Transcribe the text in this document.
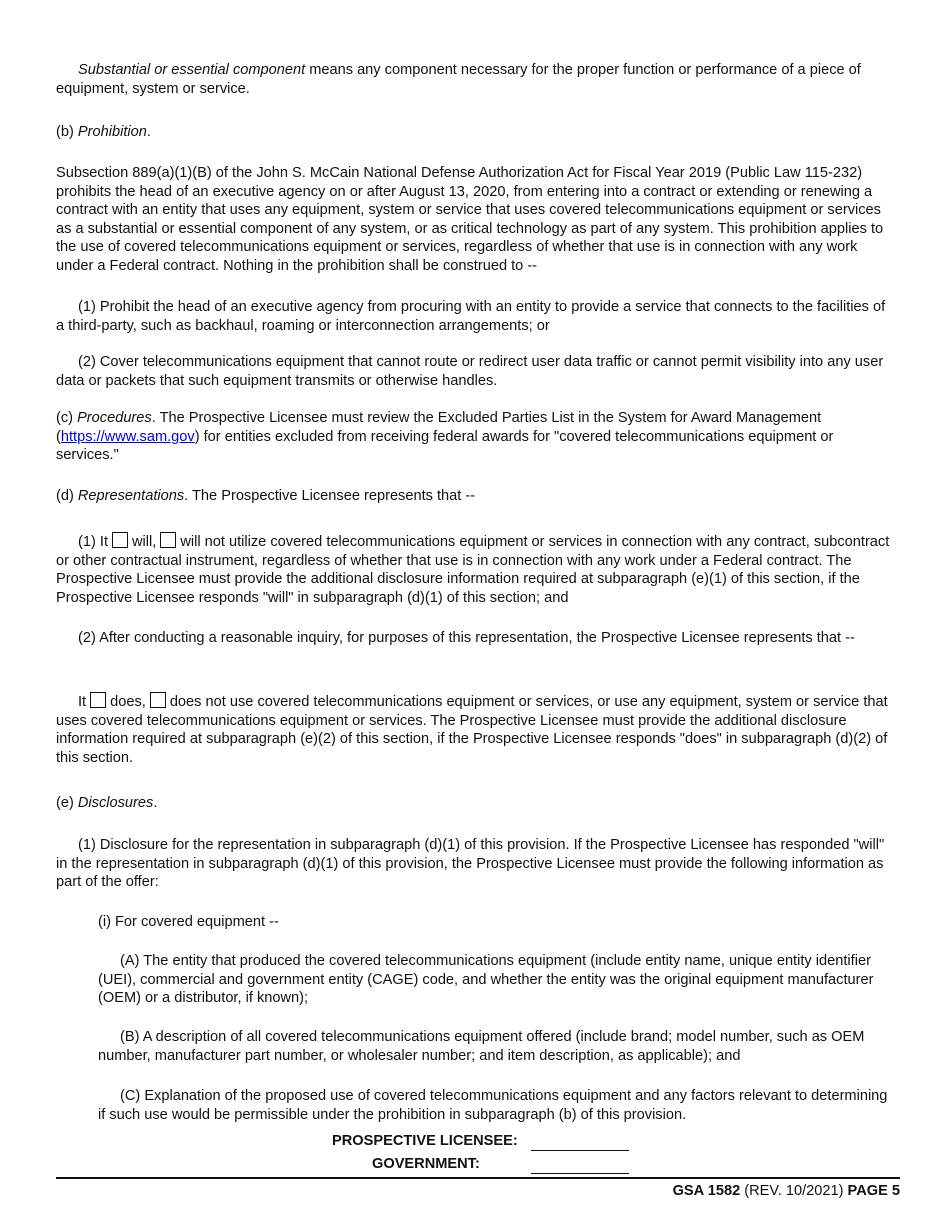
Substantial or essential component means any component necessary for the proper function or performance of a piece of equipment, system or service.

(b) Prohibition.

Subsection 889(a)(1)(B) of the John S. McCain National Defense Authorization Act for Fiscal Year 2019 (Public Law 115-232) prohibits the head of an executive agency on or after August 13, 2020, from entering into a contract or extending or renewing a contract with an entity that uses any equipment, system or service that uses covered telecommunications equipment or services as a substantial or essential component of any system, or as critical technology as part of any system. This prohibition applies to the use of covered telecommunications equipment or services, regardless of whether that use is in connection with any work under a Federal contract. Nothing in the prohibition shall be construed to --

(1) Prohibit the head of an executive agency from procuring with an entity to provide a service that connects to the facilities of a third-party, such as backhaul, roaming or interconnection arrangements; or

(2) Cover telecommunications equipment that cannot route or redirect user data traffic or cannot permit visibility into any user data or packets that such equipment transmits or otherwise handles.

(c) Procedures. The Prospective Licensee must review the Excluded Parties List in the System for Award Management (https://www.sam.gov) for entities excluded from receiving federal awards for "covered telecommunications equipment or services."

(d) Representations. The Prospective Licensee represents that --

(1) It will, will not utilize covered telecommunications equipment or services in connection with any contract, subcontract or other contractual instrument, regardless of whether that use is in connection with any work under a Federal contract. The Prospective Licensee must provide the additional disclosure information required at subparagraph (e)(1) of this section, if the Prospective Licensee responds "will" in subparagraph (d)(1) of this section; and

(2) After conducting a reasonable inquiry, for purposes of this representation, the Prospective Licensee represents that --

It does, does not use covered telecommunications equipment or services, or use any equipment, system or service that uses covered telecommunications equipment or services. The Prospective Licensee must provide the additional disclosure information required at subparagraph (e)(2) of this section, if the Prospective Licensee responds "does" in subparagraph (d)(2) of this section.

(e) Disclosures.

(1) Disclosure for the representation in subparagraph (d)(1) of this provision. If the Prospective Licensee has responded "will" in the representation in subparagraph (d)(1) of this provision, the Prospective Licensee must provide the following information as part of the offer:

(i) For covered equipment --

(A) The entity that produced the covered telecommunications equipment (include entity name, unique entity identifier (UEI), commercial and government entity (CAGE) code, and whether the entity was the original equipment manufacturer (OEM) or a distributor, if known);

(B) A description of all covered telecommunications equipment offered (include brand; model number, such as OEM number, manufacturer part number, or wholesaler number; and item description, as applicable); and

(C) Explanation of the proposed use of covered telecommunications equipment and any factors relevant to determining if such use would be permissible under the prohibition in subparagraph (b) of this provision.

PROSPECTIVE LICENSEE:
GOVERNMENT:
GSA 1582 (REV. 10/2021) PAGE 5
